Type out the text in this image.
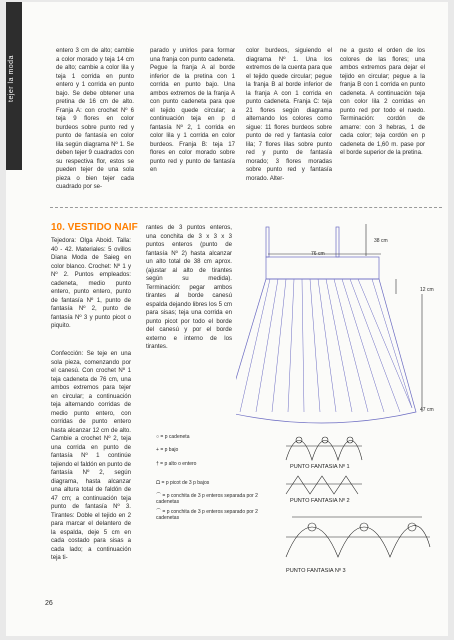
tejer la moda

entero 3 cm de alto; cambie a color morado y teja 14 cm de alto; cambie a color lila y teja 1 corrida en punto entero y 1 corrida en punto bajo. Se debe obtener una pretina de 16 cm de alto. Franja A: con crochet Nº 6 teja 9 flores en color burdeos sobre punto red y punto de fantasía en color lila según diagrama Nº 1. Se deben tejer 9 cuadrados con su respectiva flor, estos se pueden tejer de una sola pieza o bien tejer cada cuadrado por se-

parado y unirlos para formar una franja con punto cadeneta. Pegue la franja A al borde inferior de la pretina con 1 corrida en punto bajo. Una ambos extremos de la franja A con punto cadeneta para que el tejido quede circular; a continuación teja en p d fantasía Nº 2, 1 corrida en color lila y 1 corrida en color burdeos. Franja B: teja 17 flores en color morado sobre punto red y punto de fantasía en

color burdeos, siguiendo el diagrama Nº 1. Una los extremos de la cuenta para que el tejido quede circular; pegue la franja B al borde inferior de la franja A con 1 corrida en punto cadeneta. Franja C: teja 21 flores según diagrama alternando los colores como sigue: 11 flores burdeos sobre punto de red y fantasía color lila; 7 flores lilas sobre punto red y punto de fantasía morado; 3 flores moradas sobre punto red y fantasía morado. Alter-

ne a gusto el orden de los colores de las flores; una ambos extremos para dejar el tejido en circular; pegue a la franja B con 1 corrida en punto cadeneta. A continuación teja con color lila 2 corridas en punto red por todo el ruedo. Terminación: cordón de amarre: con 3 hebras, 1 de cada color; teja cordón en p cadeneta de 1,60 m. pase por el borde superior de la pretina.

10. VESTIDO NAIF

Tejedora: Olga Aboid. Talla: 40 - 42. Materiales: 5 ovillos Diana Moda de Saieg en color blanco. Crochet: Nº 1 y Nº 2. Puntos empleados: cadeneta, medio punto entero, punto entero, punto de fantasía Nº 1, punto de fantasía Nº 2, punto de fantasía Nº 3 y punto picot o piquito.

Confección: Se teje en una sola pieza, comenzando por el canesú. Con crochet Nº 1 teja cadeneta de 76 cm, una ambos extremos para tejer en circular; a continuación teja alternando corridas de medio punto entero, con corridas de punto entero hasta alcanzar 12 cm de alto. Cambie a crochet Nº 2, teja una corrida en punto de fantasía Nº 1 continúe tejiendo el faldón en punto de fantasía Nº 2, según diagrama, hasta alcanzar una altura total de faldón de 47 cm; a continuación teja punto de fantasía Nº 3. Tirantes: Doble el tejido en 2 para marcar el delantero de la espalda, deje 5 cm en cada costado para sisas a cada lado; a continuación teja ti-

rantes de 3 puntos enteros, una conchita de 3 x 3 x 3 puntos enteros (punto de fantasía Nº 2) hasta alcanzar un alto total de 38 cm aprox. (ajustar al alto de tirantes según su medida). Terminación: pegar ambos tirantes al borde canesú espalda dejando libres los 5 cm para sisas; teja una corrida en punto picot por todo el borde del canesú y por el borde externo e interno de los tirantes.

38 cm
76 cm
12 cm
47 cm
○ = p cadeneta
+ = p bajo
† = p alto o entero
ᗝ = p picot de 3 p bajos
⌒ = p conchita de 3 p enteros separada por 2 cadenetas
⌒ = p conchita de 3 p enteros separado por 2 cadenetas
PUNTO FANTASIA Nº 1
PUNTO FANTASIA Nº 2
PUNTO FANTASIA Nº 3
26
